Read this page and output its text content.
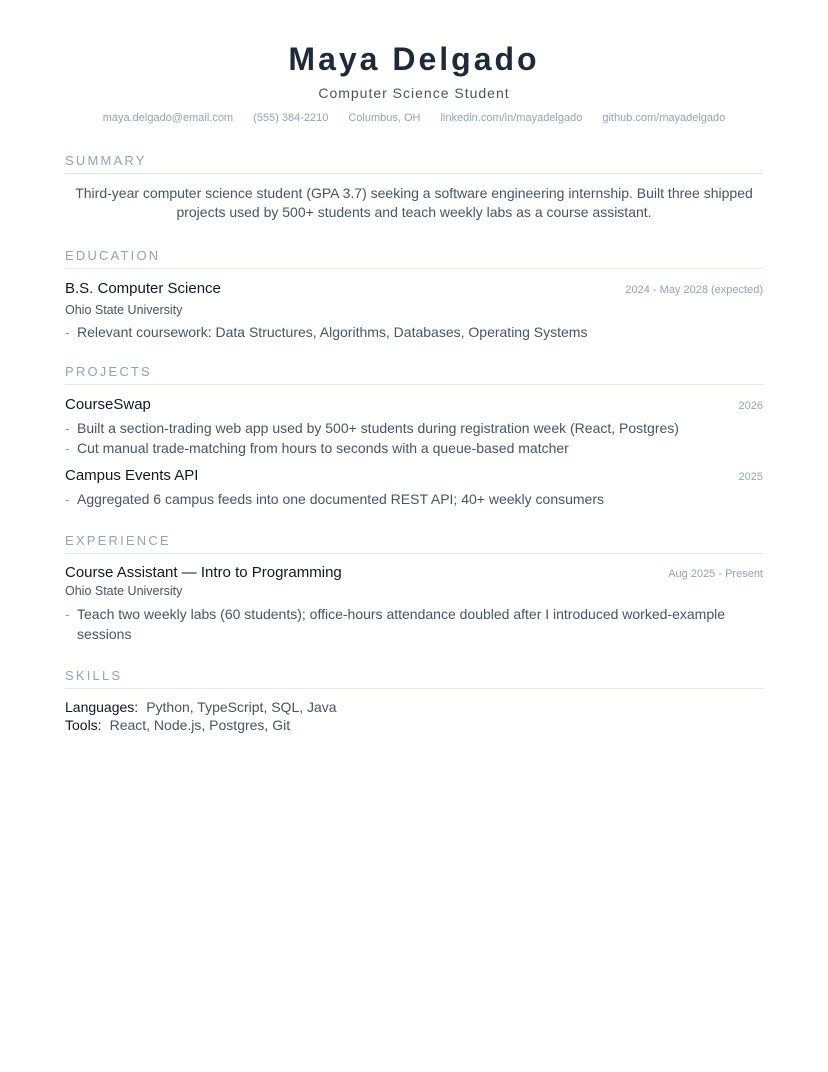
Maya Delgado
Computer Science Student
maya.delgado@email.com (555) 384-2210 Columbus, OH linkedin.com/in/mayadelgado github.com/mayadelgado
SUMMARY
Third-year computer science student (GPA 3.7) seeking a software engineering internship. Built three shipped projects used by 500+ students and teach weekly labs as a course assistant.
EDUCATION
B.S. Computer Science	2024 - May 2028 (expected)
Ohio State University
- Relevant coursework: Data Structures, Algorithms, Databases, Operating Systems
PROJECTS
CourseSwap	2026
- Built a section-trading web app used by 500+ students during registration week (React, Postgres)
- Cut manual trade-matching from hours to seconds with a queue-based matcher
Campus Events API	2025
- Aggregated 6 campus feeds into one documented REST API; 40+ weekly consumers
EXPERIENCE
Course Assistant — Intro to Programming	Aug 2025 - Present
Ohio State University
- Teach two weekly labs (60 students); office-hours attendance doubled after I introduced worked-example sessions
SKILLS
Languages: Python, TypeScript, SQL, Java
Tools: React, Node.js, Postgres, Git
